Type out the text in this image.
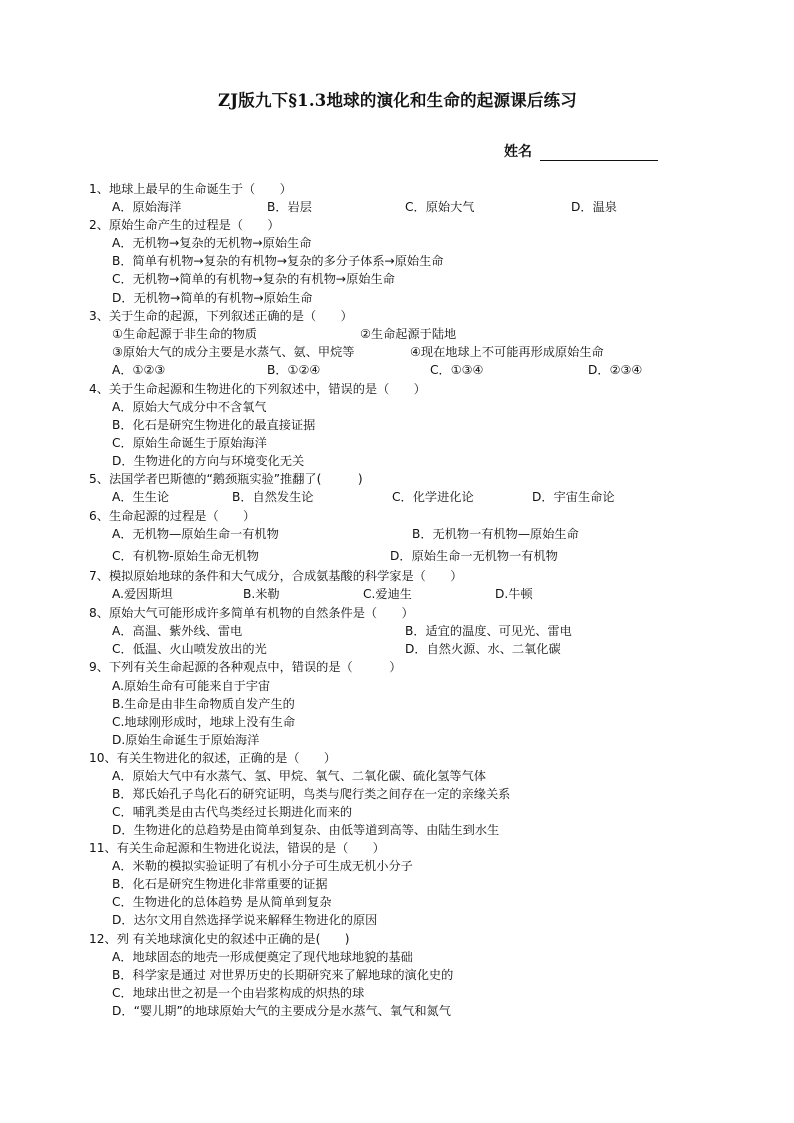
ZJ版九下§1.3地球的演化和生命的起源课后练习
姓名
1、地球上最早的生命诞生于（　　）
A．原始海洋	B．岩层	C．原始大气	D．温泉
2、原始生命产生的过程是（　　）
A．无机物→复杂的无机物→原始生命
B．简单有机物→复杂的有机物→复杂的多分子体系→原始生命
C．无机物→简单的有机物→复杂的有机物→原始生命
D．无机物→简单的有机物→原始生命
3、关于生命的起源，下列叙述正确的是（　　）
①生命起源于非生命的物质	②生命起源于陆地
③原始大气的成分主要是水蒸气、氨、甲烷等	④现在地球上不可能再形成原始生命
A．①②③	B．①②④	C．①③④	D．②③④
4、关于生命起源和生物进化的下列叙述中，错误的是（　　）
A．原始大气成分中不含氧气
B．化石是研究生物进化的最直接证据
C．原始生命诞生于原始海洋
D．生物进化的方向与环境变化无关
5、法国学者巴斯德的“鹅颈瓶实验”推翻了(　　　)
A．生生论	B．自然发生论	C．化学进化论	D．宇宙生命论
6、生命起源的过程是（　　）
A．无机物—原始生命一有机物	B．无机物一有机物—原始生命
C．有机物-原始生命无机物	D．原始生命一无机物一有机物
7、模拟原始地球的条件和大气成分，合成氨基酸的科学家是（　　）
A.爱因斯坦	B.米勒	C.爱迪生	D.牛顿
8、原始大气可能形成许多简单有机物的自然条件是（　　）
A．高温、紫外线、雷电	B．适宜的温度、可见光、雷电
C．低温、火山喷发放出的光	D．自然火源、水、二氧化碳
9、下列有关生命起源的各种观点中，错误的是（　　　）
A.原始生命有可能来自于宇宙
B.生命是由非生命物质自发产生的
C.地球刚形成时，地球上没有生命
D.原始生命诞生于原始海洋
10、有关生物进化的叙述，正确的是（　　）
A．原始大气中有水蒸气、氢、甲烷、氧气、二氧化碳、硫化氢等气体
B．郑氏始孔子鸟化石的研究证明，鸟类与爬行类之间存在一定的亲缘关系
C．哺乳类是由古代鸟类经过长期进化而来的
D．生物进化的总趋势是由简单到复杂、由低等道到高等、由陆生到水生
11、有关生命起源和生物进化说法，错误的是（　　）
A．米勒的模拟实验证明了有机小分子可生成无机小分子
B．化石是研究生物进化非常重要的证据
C．生物进化的总体趋势 是从简单到复杂
D．达尔文用自然选择学说来解释生物进化的原因
12、列 有关地球演化史的叙述中正确的是(　　)
A．地球固态的地壳一形成便奠定了现代地球地貌的基础
B．科学家是通过 对世界历史的长期研究来了解地球的演化史的
C．地球出世之初是一个由岩浆构成的炽热的球
D．“婴儿期”的地球原始大气的主要成分是水蒸气、氧气和氮气
